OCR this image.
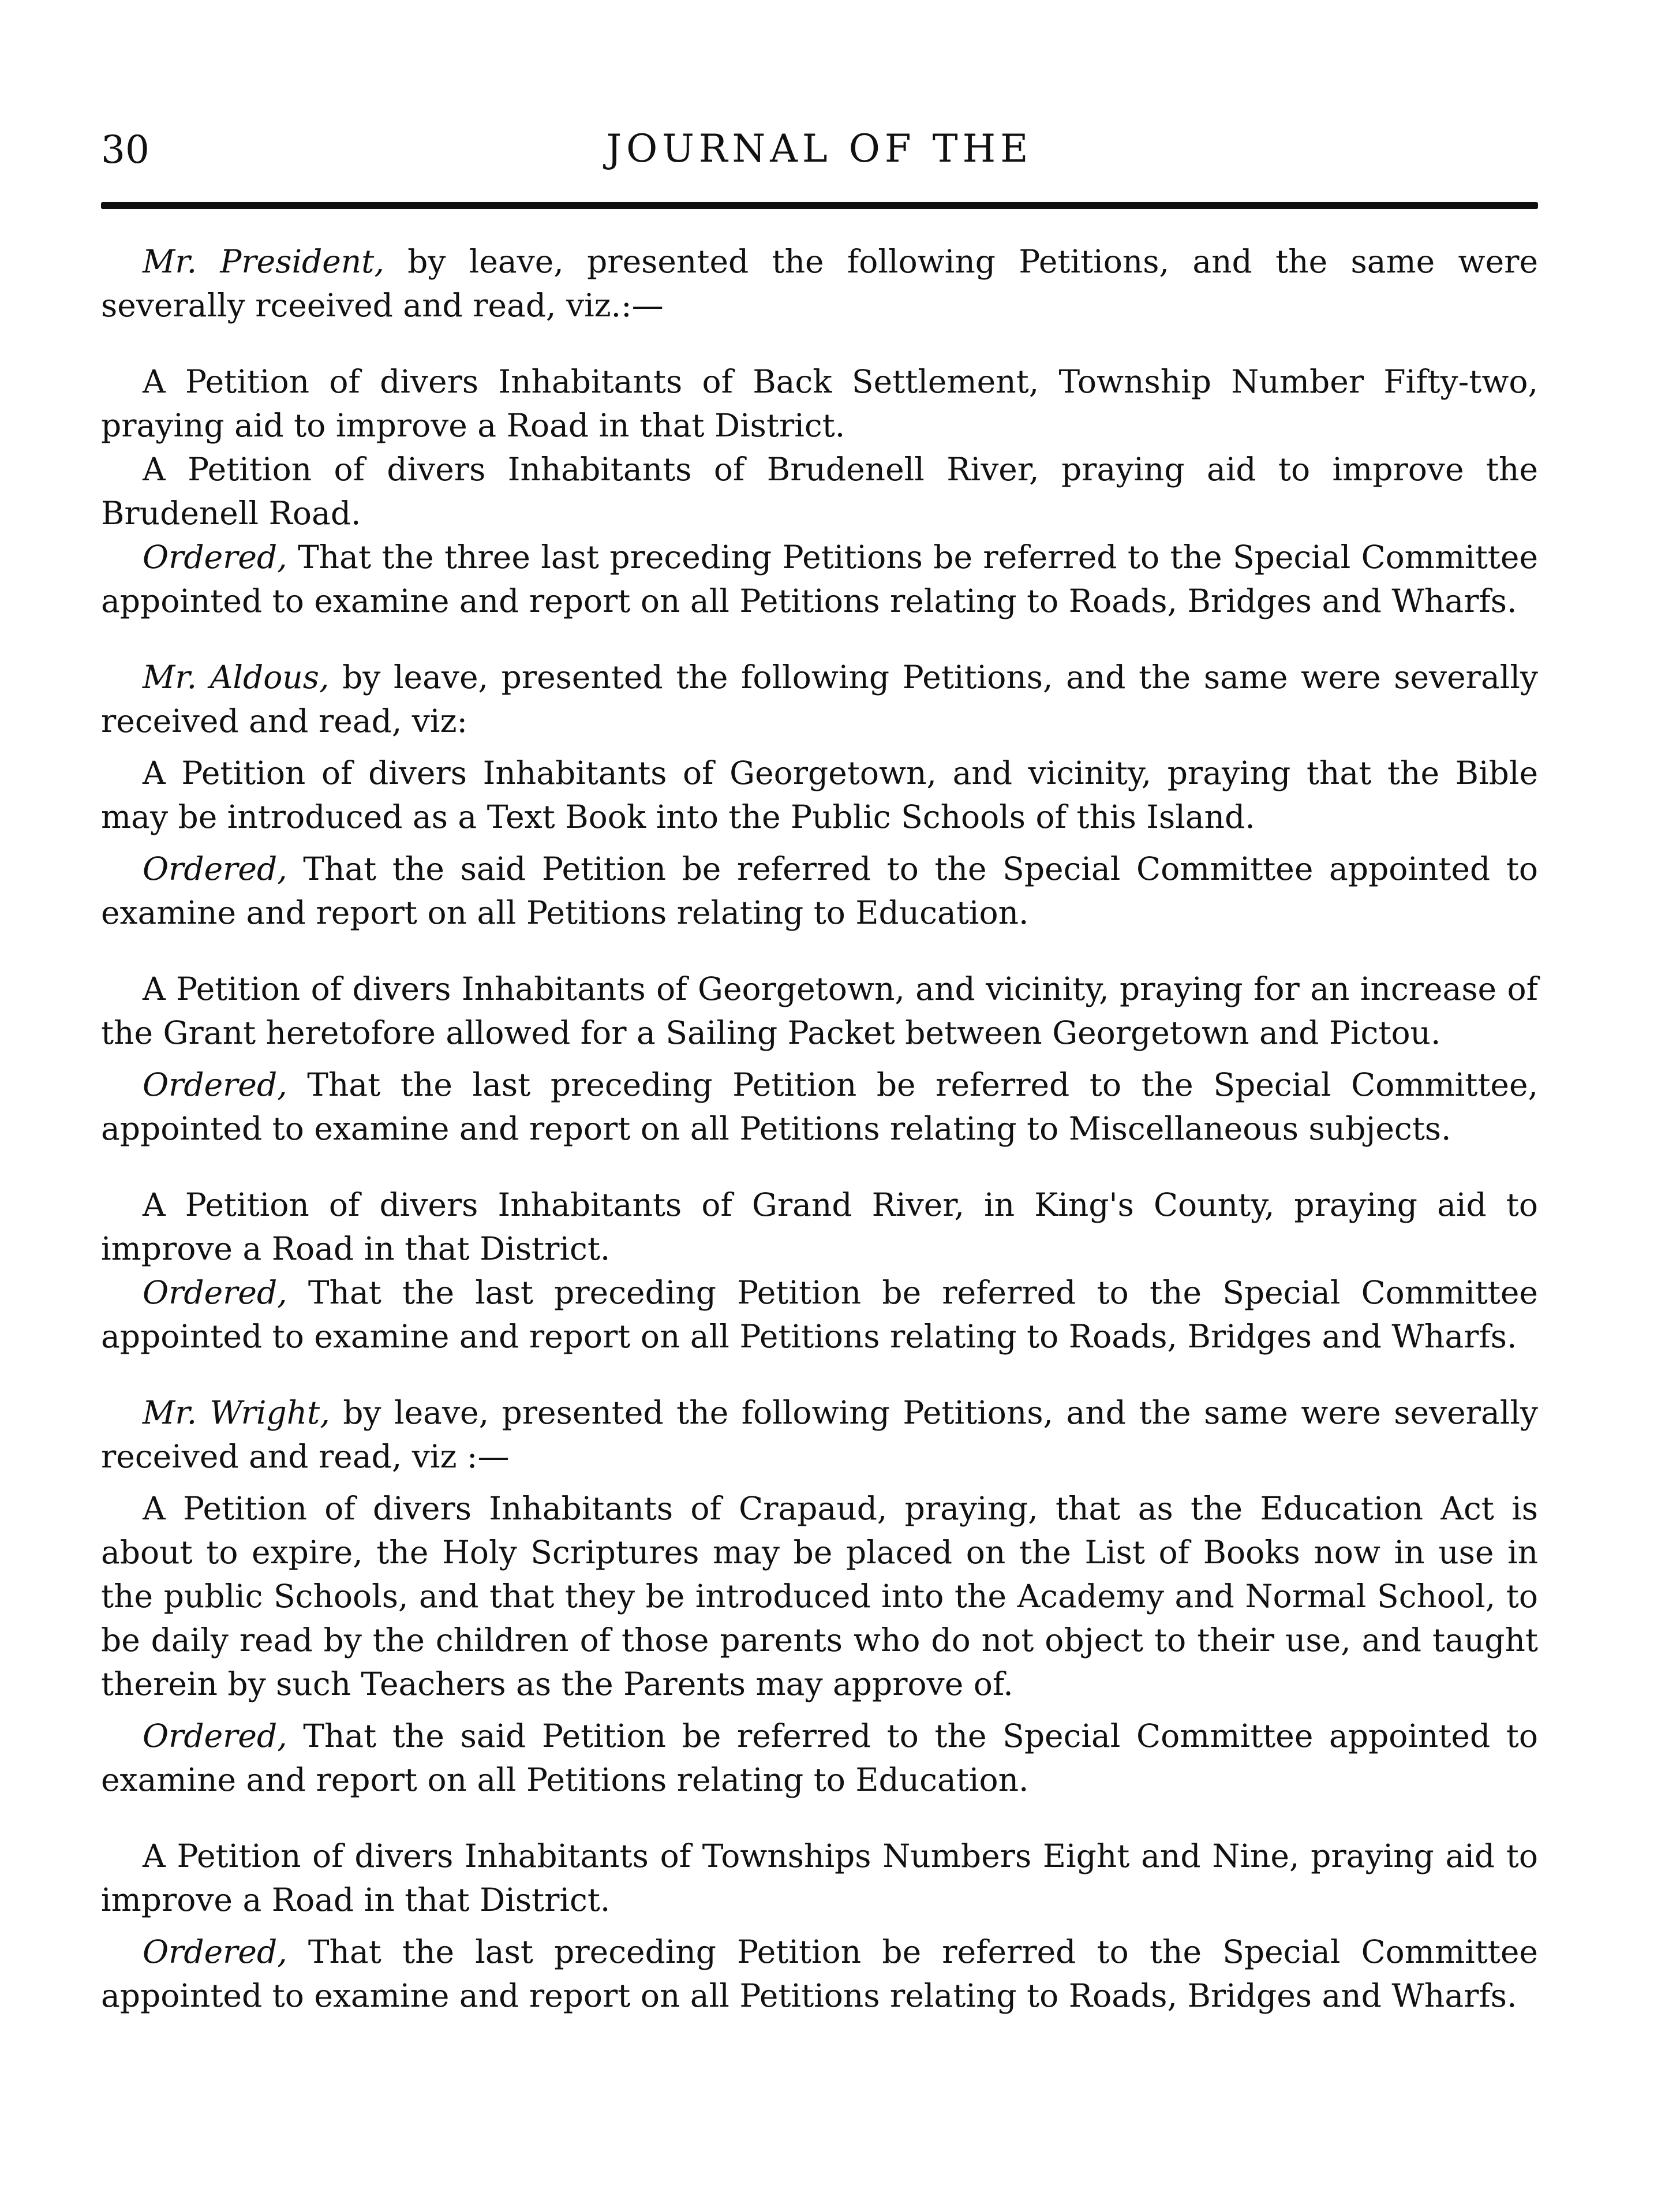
30	JOURNAL OF THE

Mr. President, by leave, presented the following Petitions, and the same were severally rceeived and read, viz.:—

A Petition of divers Inhabitants of Back Settlement, Township Number Fifty-two, praying aid to improve a Road in that District.

A Petition of divers Inhabitants of Brudenell River, praying aid to improve the Brudenell Road.

Ordered, That the three last preceding Petitions be referred to the Special Committee appointed to examine and report on all Petitions relating to Roads, Bridges and Wharfs.

Mr. Aldous, by leave, presented the following Petitions, and the same were severally received and read, viz:

A Petition of divers Inhabitants of Georgetown, and vicinity, praying that the Bible may be introduced as a Text Book into the Public Schools of this Island.

Ordered, That the said Petition be referred to the Special Committee appointed to examine and report on all Petitions relating to Education.

A Petition of divers Inhabitants of Georgetown, and vicinity, praying for an increase of the Grant heretofore allowed for a Sailing Packet between Georgetown and Pictou.

Ordered, That the last preceding Petition be referred to the Special Committee, appointed to examine and report on all Petitions relating to Miscellaneous subjects.

A Petition of divers Inhabitants of Grand River, in King's County, praying aid to improve a Road in that District.

Ordered, That the last preceding Petition be referred to the Special Committee appointed to examine and report on all Petitions relating to Roads, Bridges and Wharfs.

Mr. Wright, by leave, presented the following Petitions, and the same were severally received and read, viz :—

A Petition of divers Inhabitants of Crapaud, praying, that as the Education Act is about to expire, the Holy Scriptures may be placed on the List of Books now in use in the public Schools, and that they be introduced into the Academy and Normal School, to be daily read by the children of those parents who do not object to their use, and taught therein by such Teachers as the Parents may approve of.

Ordered, That the said Petition be referred to the Special Committee appointed to examine and report on all Petitions relating to Education.

A Petition of divers Inhabitants of Townships Numbers Eight and Nine, praying aid to improve a Road in that District.

Ordered, That the last preceding Petition be referred to the Special Committee appointed to examine and report on all Petitions relating to Roads, Bridges and Wharfs.
